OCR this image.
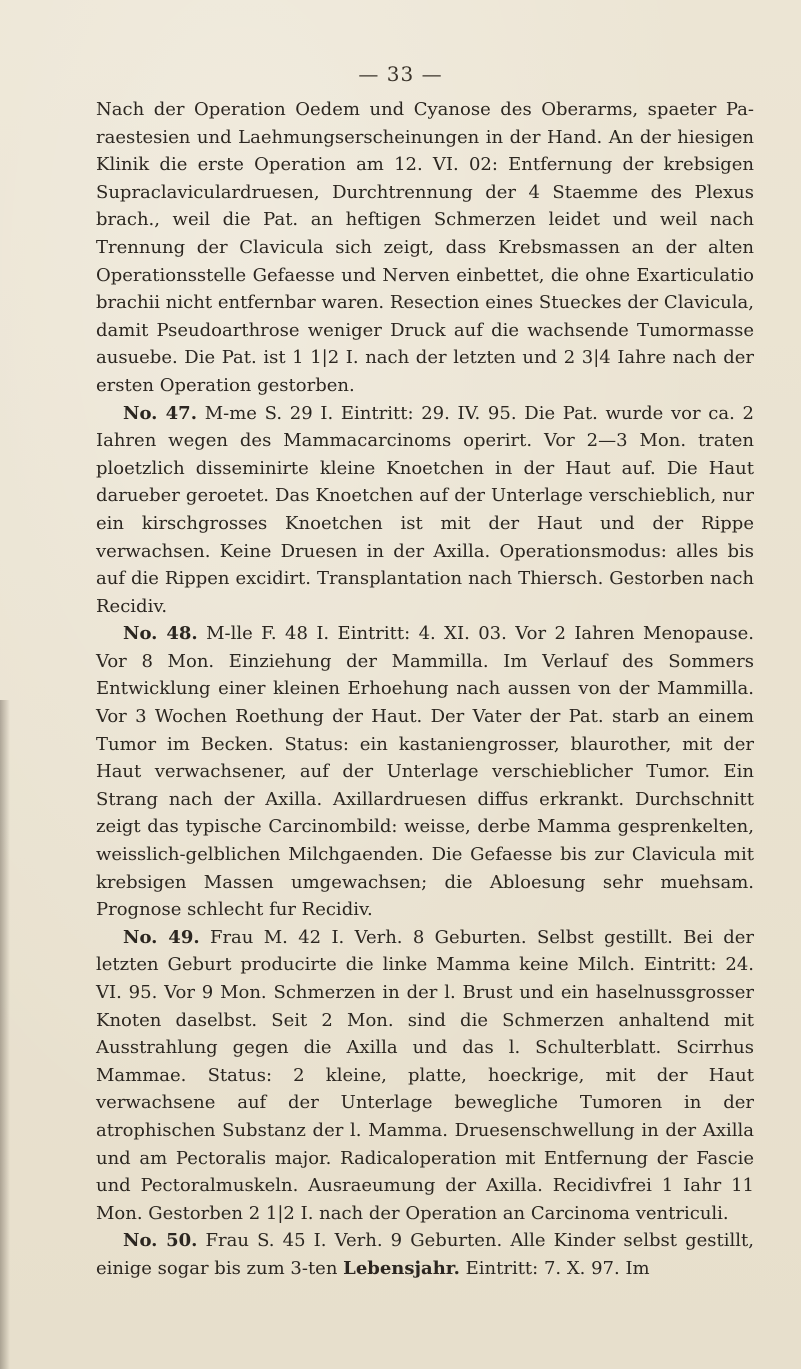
— 33 —

Nach der Operation Oedem und Cyanose des Oberarms, spaeter Paraestesien und Laehmungserscheinungen in der Hand. An der hiesigen Klinik die erste Operation am 12. VI. 02: Entfernung der krebsigen Supraclaviculardruesen, Durchtrennung der 4 Staemme des Plexus brach., weil die Pat. an heftigen Schmerzen leidet und weil nach Trennung der Clavicula sich zeigt, dass Krebsmassen an der alten Operationsstelle Gefaesse und Nerven einbettet, die ohne Exarticulatio brachii nicht entfernbar waren. Resection eines Stueckes der Clavicula, damit Pseudoarthrose weniger Druck auf die wachsende Tumormasse ausuebe. Die Pat. ist 1 1|2 I. nach der letzten und 2 3|4 Iahre nach der ersten Operation gestorben.

No. 47. M-me S. 29 I. Eintritt: 29. IV. 95. Die Pat. wurde vor ca. 2 Iahren wegen des Mammacarcinoms operirt. Vor 2—3 Mon. traten ploetzlich disseminirte kleine Knoetchen in der Haut auf. Die Haut darueber geroetet. Das Knoetchen auf der Unterlage verschieblich, nur ein kirschgrosses Knoetchen ist mit der Haut und der Rippe verwachsen. Keine Druesen in der Axilla. Operationsmodus: alles bis auf die Rippen excidirt. Transplantation nach Thiersch. Gestorben nach Recidiv.

No. 48. M-lle F. 48 I. Eintritt: 4. XI. 03. Vor 2 Iahren Menopause. Vor 8 Mon. Einziehung der Mammilla. Im Verlauf des Sommers Entwicklung einer kleinen Erhoehung nach aussen von der Mammilla. Vor 3 Wochen Roethung der Haut. Der Vater der Pat. starb an einem Tumor im Becken. Status: ein kastaniengrosser, blaurother, mit der Haut verwachsener, auf der Unterlage verschieblicher Tumor. Ein Strang nach der Axilla. Axillardruesen diffus erkrankt. Durchschnitt zeigt das typische Carcinombild: weisse, derbe Mamma gesprenkelten, weisslich-gelblichen Milchgaenden. Die Gefaesse bis zur Clavicula mit krebsigen Massen umgewachsen; die Abloesung sehr muehsam. Prognose schlecht fur Recidiv.

No. 49. Frau M. 42 I. Verh. 8 Geburten. Selbst gestillt. Bei der letzten Geburt producirte die linke Mamma keine Milch. Eintritt: 24. VI. 95. Vor 9 Mon. Schmerzen in der l. Brust und ein haselnussgrosser Knoten daselbst. Seit 2 Mon. sind die Schmerzen anhaltend mit Ausstrahlung gegen die Axilla und das l. Schulterblatt. Scirrhus Mammae. Status: 2 kleine, platte, hoeckrige, mit der Haut verwachsene auf der Unterlage bewegliche Tumoren in der atrophischen Substanz der l. Mamma. Druesenschwellung in der Axilla und am Pectoralis major. Radicaloperation mit Entfernung der Fascie und Pectoralmuskeln. Ausraeumung der Axilla. Recidivfrei 1 Iahr 11 Mon. Gestorben 2 1|2 I. nach der Operation an Carcinoma ventriculi.

No. 50. Frau S. 45 I. Verh. 9 Geburten. Alle Kinder selbst gestillt, einige sogar bis zum 3-ten Lebensjahr. Eintritt: 7. X. 97. Im
